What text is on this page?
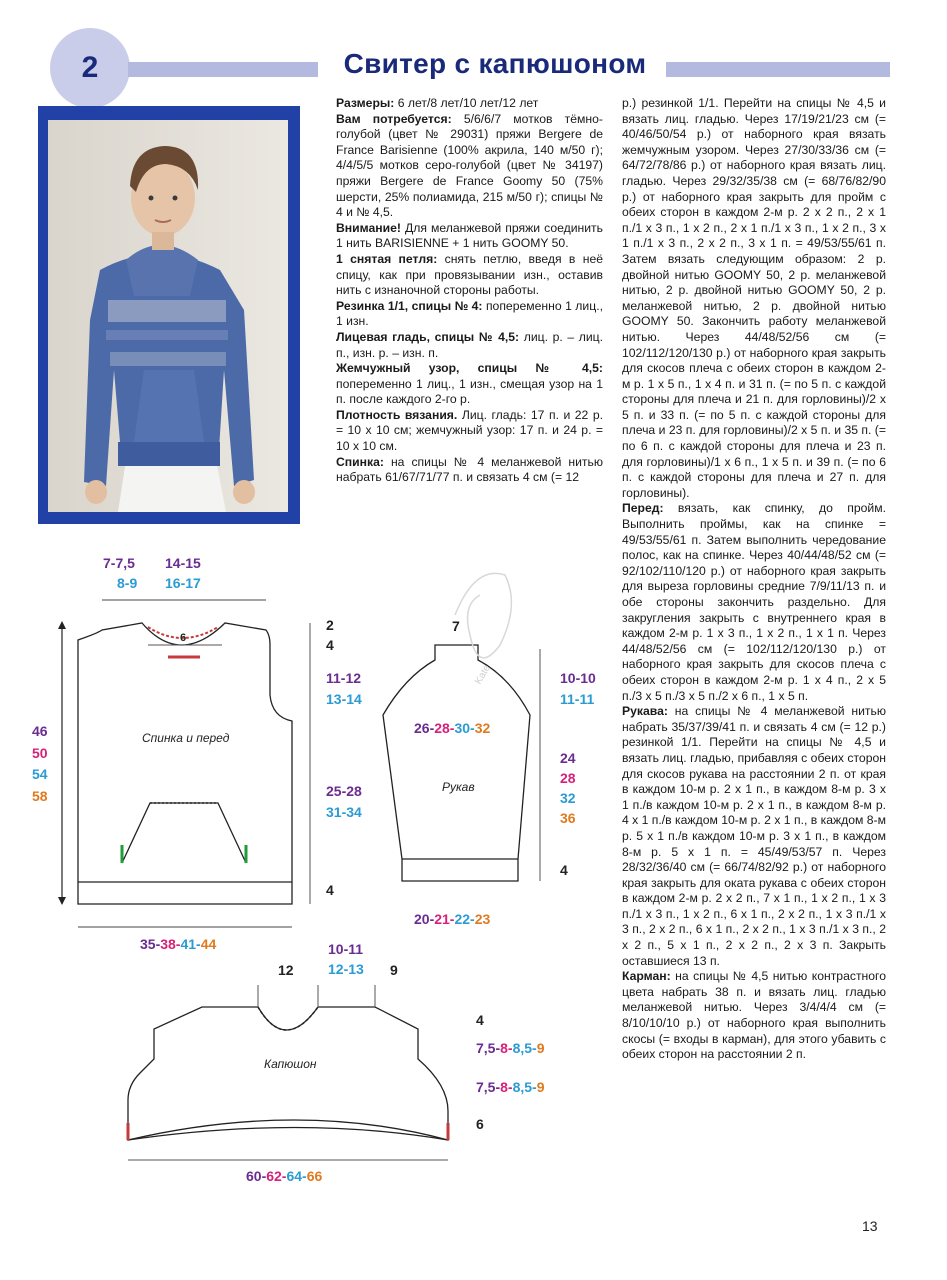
2	Свитер с капюшоном

Размеры: 6 лет/8 лет/10 лет/12 лет

Вам потребуется: 5/6/6/7 мотков тёмно-голубой (цвет № 29031) пряжи Bergere de France Barisienne (100% акрила, 140 м/50 г); 4/4/5/5 мотков серо-голубой (цвет № 34197) пряжи Bergere de France Goomy 50 (75% шерсти, 25% полиамида, 215 м/50 г); спицы № 4 и № 4,5.

Внимание! Для меланжевой пряжи соединить 1 нить BARISIENNE + 1 нить GOOMY 50.

1 снятая петля: снять петлю, введя в неё спицу, как при провязывании изн., оставив нить с изнаночной стороны работы.

Резинка 1/1, спицы № 4: попеременно 1 лиц., 1 изн.

Лицевая гладь, спицы № 4,5: лиц. р. – лиц. п., изн. р. – изн. п.

Жемчужный узор, спицы № 4,5: попеременно 1 лиц., 1 изн., смещая узор на 1 п. после каждого 2-го р.

Плотность вязания. Лиц. гладь: 17 п. и 22 р. = 10 х 10 см; жемчужный узор: 17 п. и 24 р. = 10 х 10 см.

Спинка: на спицы № 4 меланжевой нитью набрать 61/67/71/77 п. и связать 4 см (= 12

р.) резинкой 1/1. Перейти на спицы № 4,5 и вязать лиц. гладью. Через 17/19/21/23 см (= 40/46/50/54 р.) от наборного края вязать жемчужным узором. Через 27/30/33/36 см (= 64/72/78/86 р.) от наборного края вязать лиц. гладью. Через 29/32/35/38 см (= 68/76/82/90 р.) от наборного края закрыть для пройм с обеих сторон в каждом 2-м р. 2 х 2 п., 2 х 1 п./1 х 3 п., 1 х 2 п., 2 х 1 п./1 х 3 п., 1 х 2 п., 3 х 1 п./1 х 3 п., 2 х 2 п., 3 х 1 п. = 49/53/55/61 п. Затем вязать следующим образом: 2 р. двойной нитью GOOMY 50, 2 р. меланжевой нитью, 2 р. двойной нитью GOOMY 50, 2 р. меланжевой нитью, 2 р. двойной нитью GOOMY 50. Закончить работу меланжевой нитью. Через 44/48/52/56 см (= 102/112/120/130 р.) от наборного края закрыть для скосов плеча с обеих сторон в каждом 2-м р. 1 х 5 п., 1 х 4 п. и 31 п. (= по 5 п. с каждой стороны для плеча и 21 п. для горловины)/2 х 5 п. и 33 п. (= по 5 п. с каждой стороны для плеча и 23 п. для горловины)/2 х 5 п. и 35 п. (= по 6 п. с каждой стороны для плеча и 23 п. для горловины)/1 х 6 п., 1 х 5 п. и 39 п. (= по 6 п. с каждой стороны для плеча и 27 п. для горловины).

Перед: вязать, как спинку, до пройм. Выполнить проймы, как на спинке = 49/53/55/61 п. Затем выполнить чередование полос, как на спинке. Через 40/44/48/52 см (= 92/102/110/120 р.) от наборного края закрыть для выреза горловины средние 7/9/11/13 п. и обе стороны закончить раздельно. Для закругления закрыть с внутреннего края в каждом 2-м р. 1 х 3 п., 1 х 2 п., 1 х 1 п. Через 44/48/52/56 см (= 102/112/120/130 р.) от наборного края закрыть для скосов плеча с обеих сторон в каждом 2-м р. 1 х 4 п., 2 х 5 п./3 х 5 п./3 х 5 п./2 х 6 п., 1 х 5 п.

Рукава: на спицы № 4 меланжевой нитью набрать 35/37/39/41 п. и связать 4 см (= 12 р.) резинкой 1/1. Перейти на спицы № 4,5 и вязать лиц. гладью, прибавляя с обеих сторон для скосов рукава на расстоянии 2 п. от края в каждом 10-м р. 2 х 1 п., в каждом 8-м р. 3 х 1 п./в каждом 10-м р. 2 х 1 п., в каждом 8-м р. 4 х 1 п./в каждом 10-м р. 2 х 1 п., в каждом 8-м р. 5 х 1 п./в каждом 10-м р. 3 х 1 п., в каждом 8-м р. 5 х 1 п. = 45/49/53/57 п. Через 28/32/36/40 см (= 66/74/82/92 р.) от наборного края закрыть для оката рукава с обеих сторон в каждом 2-м р. 2 х 2 п., 7 х 1 п., 1 х 2 п., 1 х 3 п./1 х 3 п., 1 х 2 п., 6 х 1 п., 2 х 2 п., 1 х 3 п./1 х 3 п., 2 х 2 п., 6 х 1 п., 2 х 2 п., 1 х 3 п./1 х 3 п., 2 х 2 п., 5 х 1 п., 2 х 2 п., 2 х 3 п. Закрыть оставшиеся 13 п.

Карман: на спицы № 4,5 нитью контрастного цвета набрать 38 п. и вязать лиц. гладью меланжевой нитью. Через 3/4/4/4 см (= 8/10/10/10 р.) от наборного края выполнить скосы (= входы в карман), для этого убавить с обеих сторон на расстоянии 2 п.

Kate
7-7,5 14-15
8-9 16-17
2
4
11-12
13-14
25-28
31-34
4
46
50
54
58
35-38-41-44
7
10-10
11-11
26-28-30-32
24
28
32
36
4
20-21-22-23
10-11
12-13
12	9
4
7,5-8-8,5-9
7,5-8-8,5-9
6
60-62-64-66
Спинка и перед
Рукав
Капюшон
6
13
